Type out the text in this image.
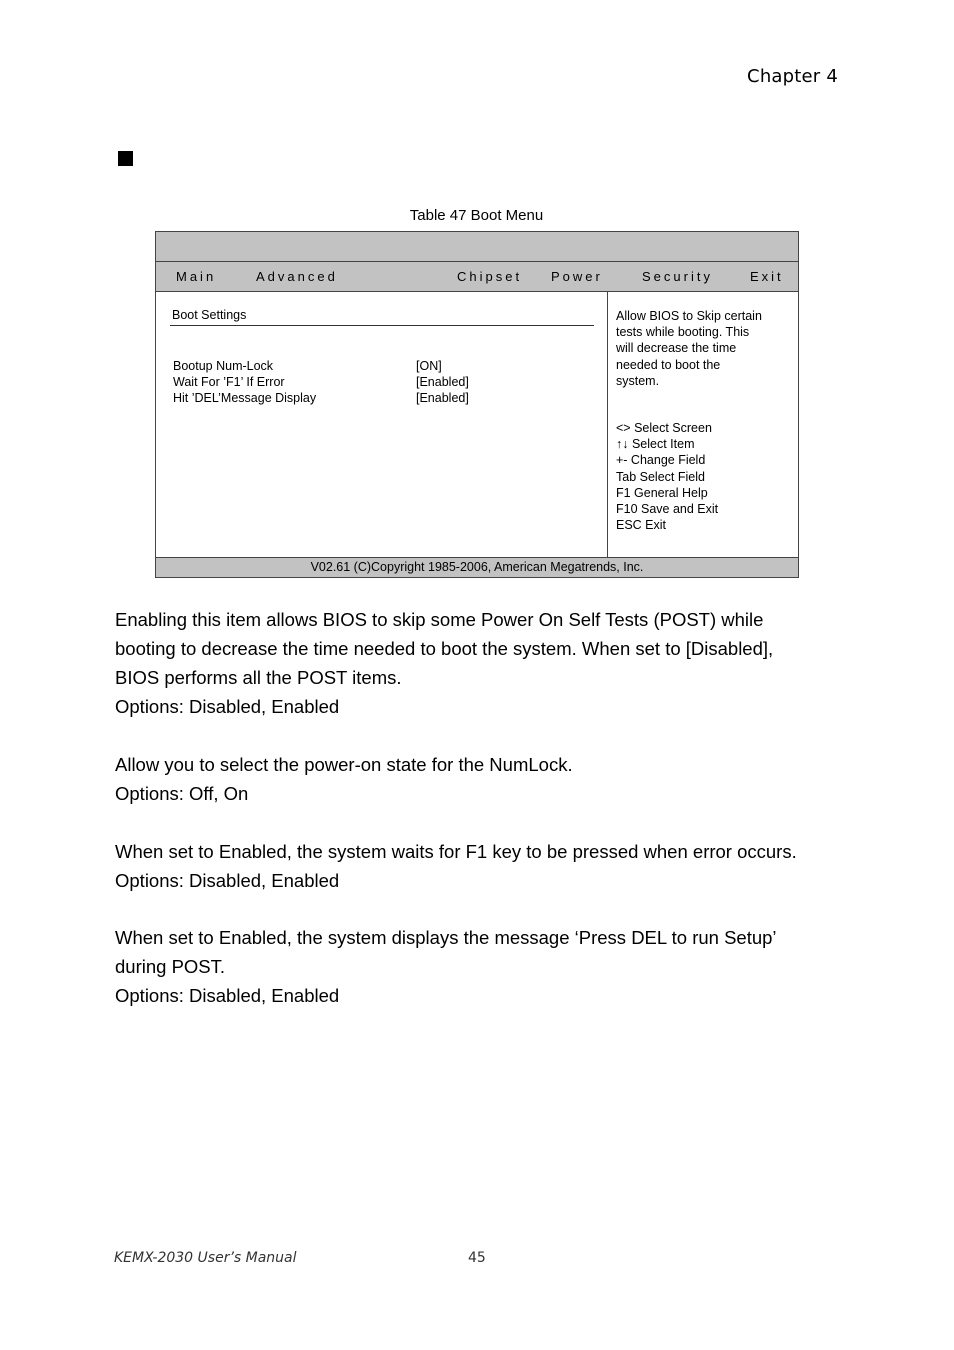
Chapter 4
Table 47 Boot Menu
Main	Advanced	Chipset Power	Security	Exit
Boot Settings
Bootup Num-Lock	[ON]
Wait For ’F1’ If Error	[Enabled]
Hit ’DEL’Message Display	[Enabled]
Allow BIOS to Skip certain
tests while booting. This
will decrease the time
needed to boot the
system.
<> Select Screen
↑↓ Select Item
+- Change Field
Tab Select Field
F1 General Help
F10 Save and Exit
ESC Exit
V02.61 (C)Copyright 1985-2006, American Megatrends, Inc.

Enabling this item allows BIOS to skip some Power On Self Tests (POST) while

booting to decrease the time needed to boot the system. When set to [Disabled],

BIOS performs all the POST items.

Options: Disabled, Enabled

Allow you to select the power-on state for the NumLock.

Options: Off, On

When set to Enabled, the system waits for F1 key to be pressed when error occurs.

Options: Disabled, Enabled

When set to Enabled, the system displays the message ‘Press DEL to run Setup’

during POST.

Options: Disabled, Enabled

KEMX-2030 User’s Manual	45
